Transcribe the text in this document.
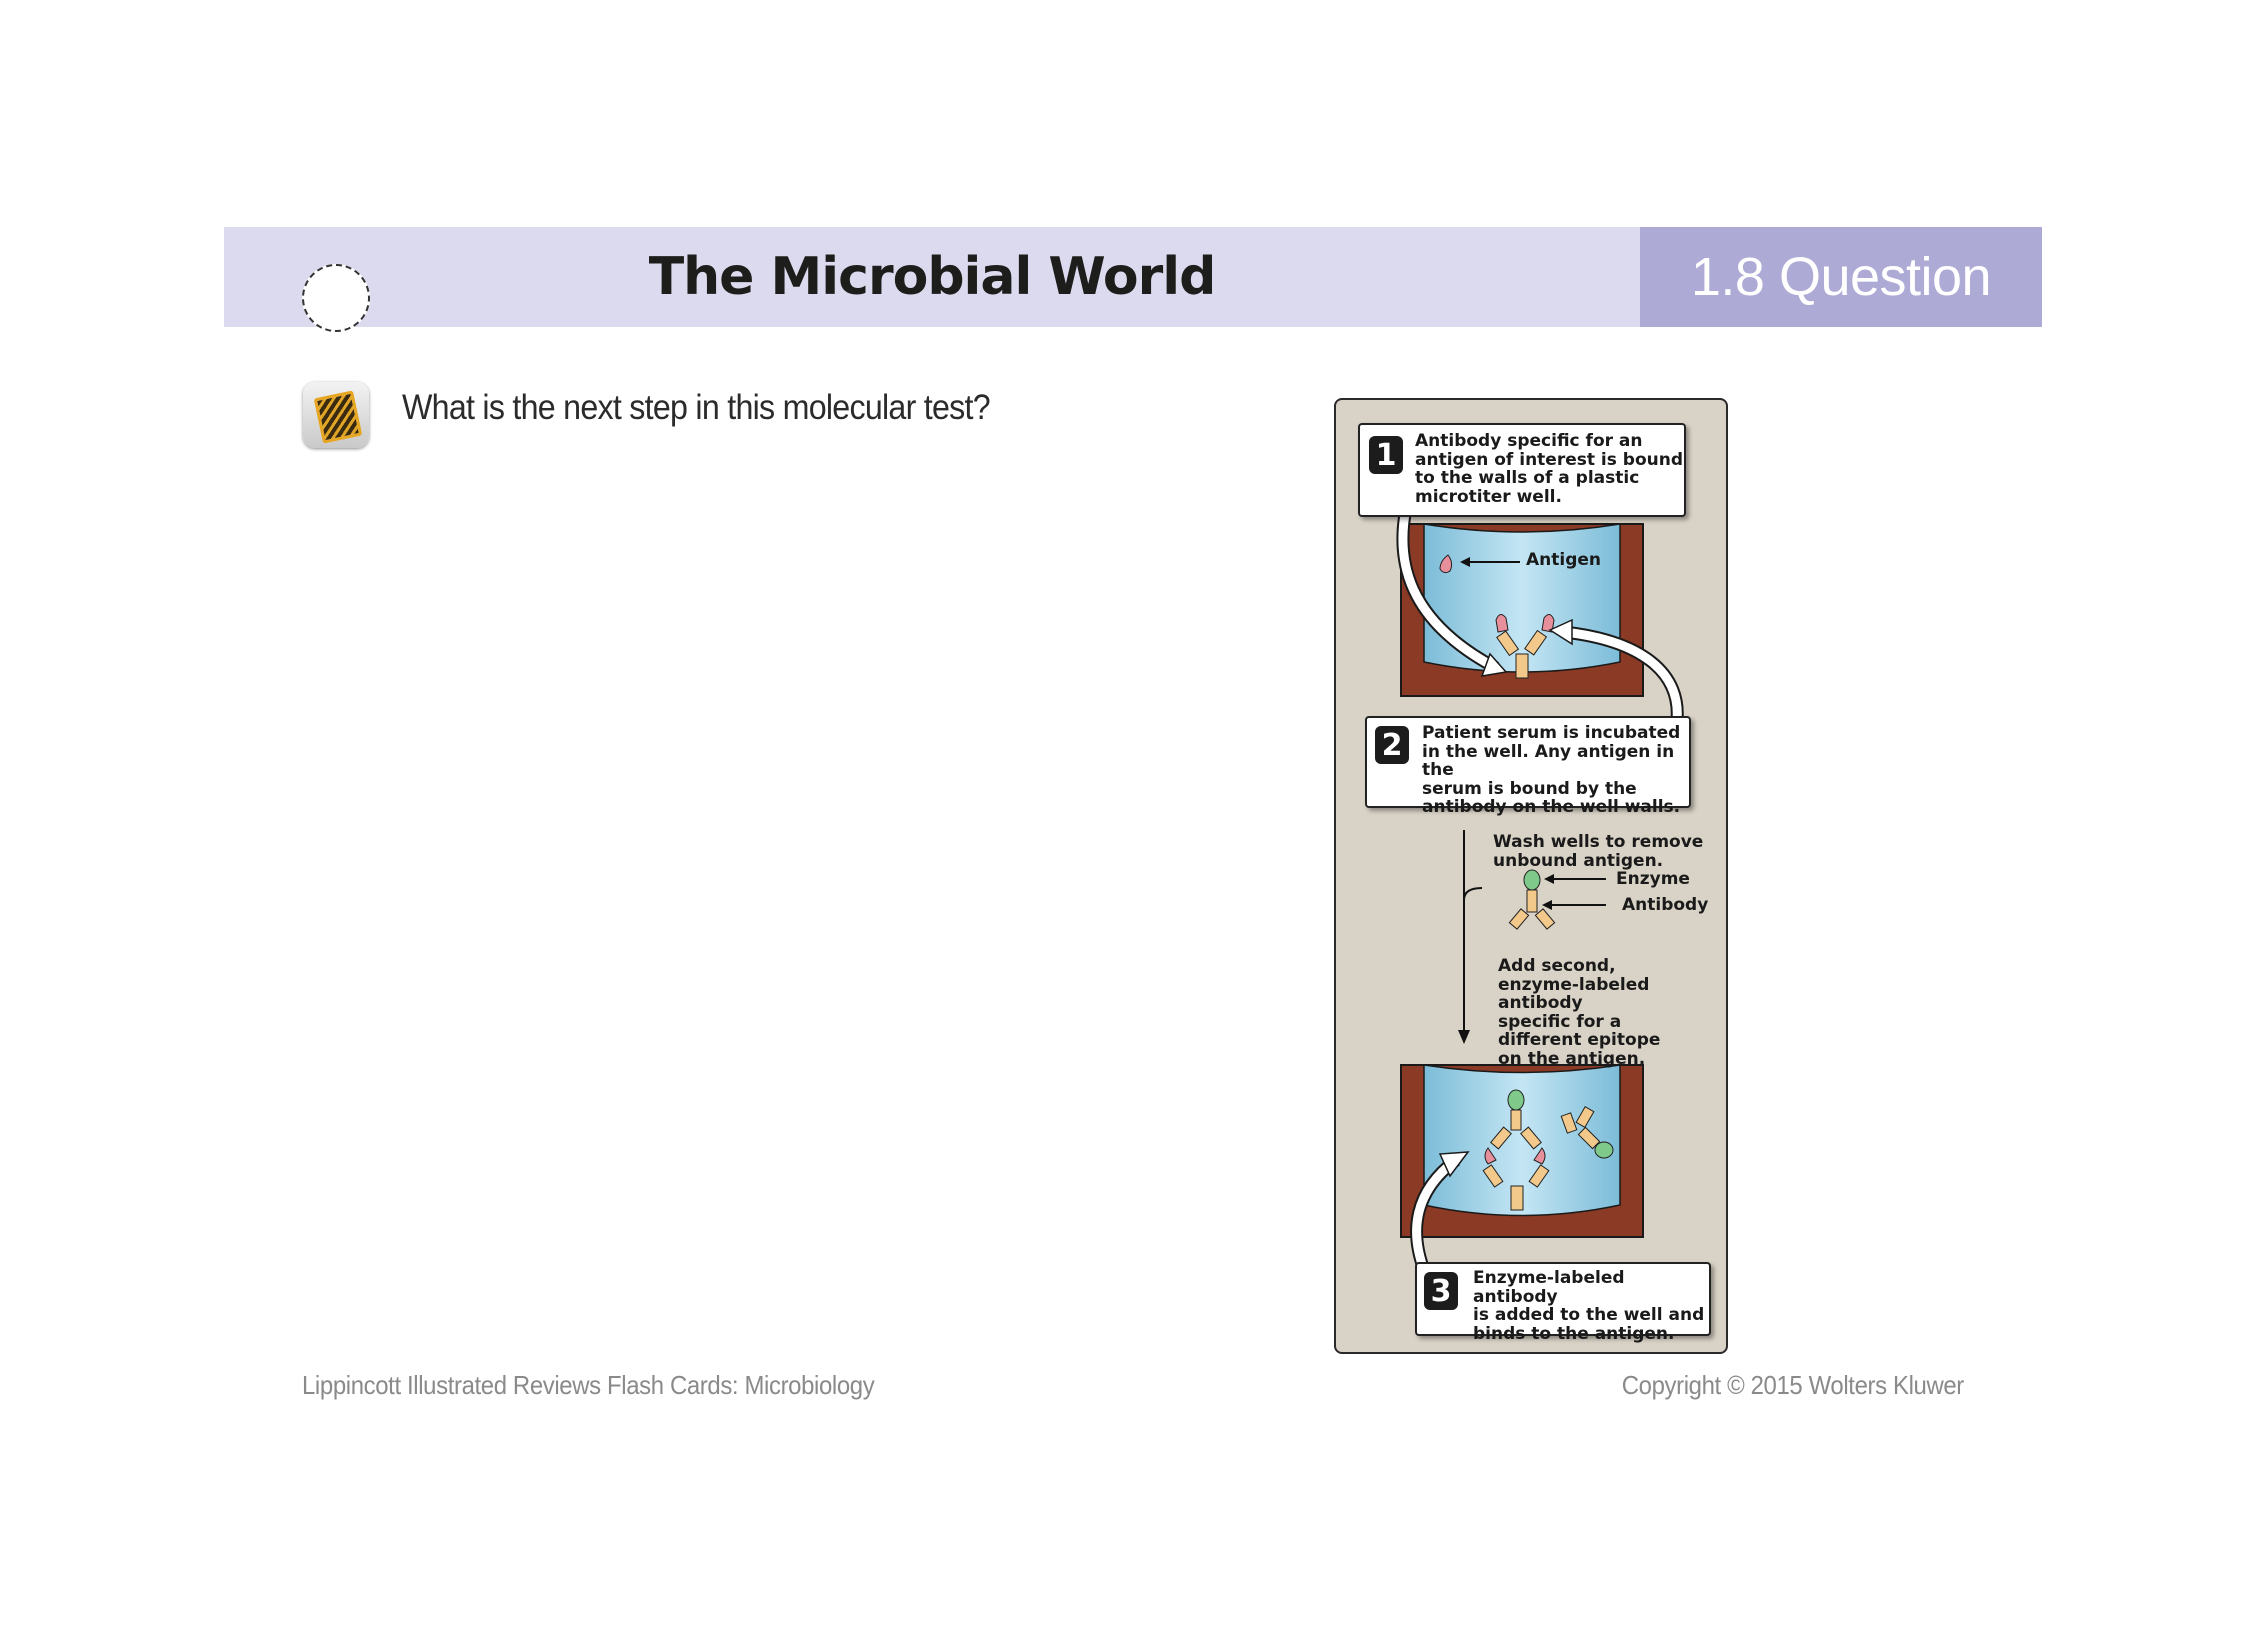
The Microbial World	1.8 Question
What is the next step in this molecular test?
1	Antibody specific for an
antigen of interest is bound
to the walls of a plastic
microtiter well.
Antigen
2	Patient serum is incubated
in the well. Any antigen in the
serum is bound by the
antibody on the well walls.
Wash wells to remove
unbound antigen.
Enzyme
Antibody
Add second,
enzyme-labeled
antibody
specific for a
different epitope
on the antigen.
3	Enzyme-labeled antibody
is added to the well and
binds to the antigen.
Lippincott Illustrated Reviews Flash Cards: Microbiology	Copyright © 2015 Wolters Kluwer
